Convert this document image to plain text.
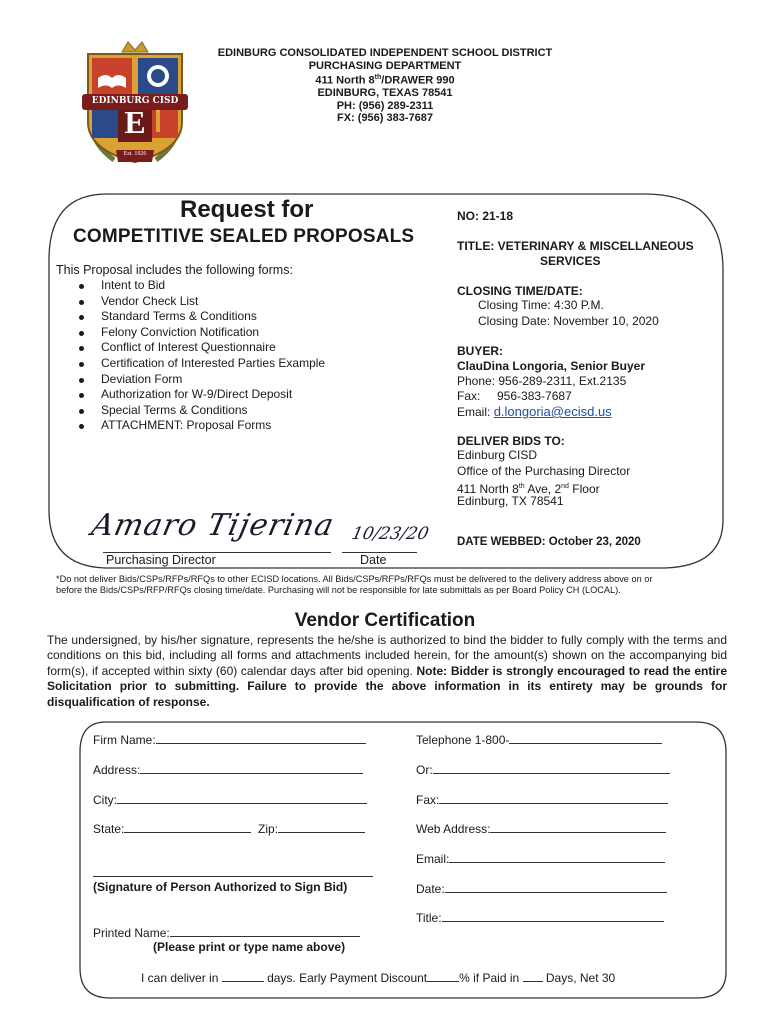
EDINBURG CISD
E
Est. 1926
EDINBURG CONSOLIDATED INDEPENDENT SCHOOL DISTRICT
PURCHASING DEPARTMENT
411 North 8th/DRAWER 990
EDINBURG, TEXAS 78541
PH: (956) 289-2311
FX: (956) 383-7687
Request for
COMPETITIVE SEALED PROPOSALS
This Proposal includes the following forms:
Intent to Bid
Vendor Check List
Standard Terms & Conditions
Felony Conviction Notification
Conflict of Interest Questionnaire
Certification of Interested Parties Example
Deviation Form
Authorization for W-9/Direct Deposit
Special Terms & Conditions
ATTACHMENT: Proposal Forms
Amaro Tijerina 10/23/20
Purchasing Director	Date
NO: 21-18
TITLE: VETERINARY & MISCELLANEOUS
SERVICES
CLOSING TIME/DATE:
Closing Time: 4:30 P.M.
Closing Date: November 10, 2020
BUYER:
ClauDina Longoria, Senior Buyer
Phone: 956-289-2311, Ext.2135
Fax:     956-383-7687
Email: d.longoria@ecisd.us
DELIVER BIDS TO:
Edinburg CISD
Office of the Purchasing Director
411 North 8th Ave, 2nd Floor
Edinburg, TX 78541
DATE WEBBED: October 23, 2020
*Do not deliver Bids/CSPs/RFPs/RFQs to other ECISD locations. All Bids/CSPs/RFPs/RFQs must be delivered to the delivery address above on or
before the Bids/CSPs/RFP/RFQs closing time/date. Purchasing will not be responsible for late submittals as per Board Policy CH (LOCAL).
Vendor Certification
The undersigned, by his/her signature, represents the he/she is authorized to bind the bidder to fully comply with the terms and conditions on this bid, including all forms and attachments included herein, for the amount(s) shown on the accompanying bid form(s), if accepted within sixty (60) calendar days after bid opening. Note: Bidder is strongly encouraged to read the entire Solicitation prior to submitting. Failure to provide the above information in its entirety may be grounds for disqualification of response.
Firm Name:
Address:
City:
State:	Zip:
(Signature of Person Authorized to Sign Bid)
Printed Name:
(Please print or type name above)
Telephone 1-800-
Or:
Fax:
Web Address:
Email:
Date:
Title:
I can deliver in	days. Early Payment Discount	% if Paid in Days, Net 30
